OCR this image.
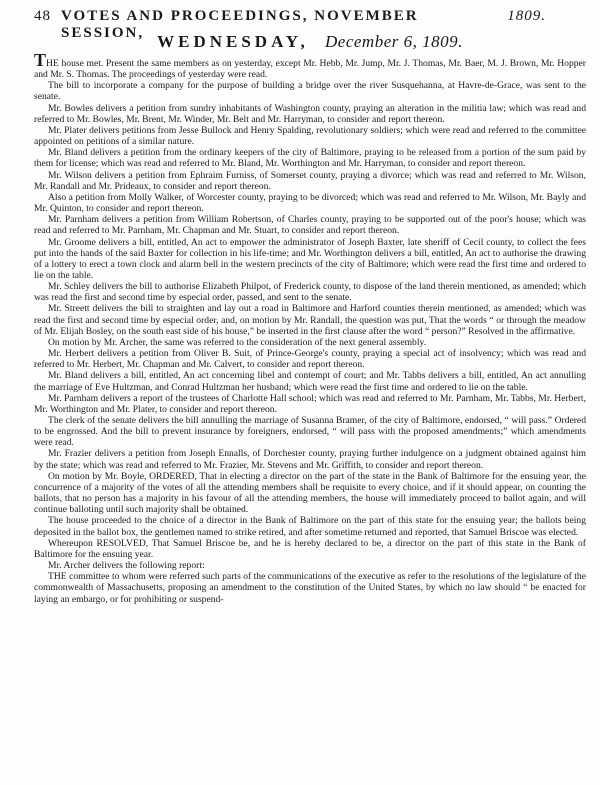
48 VOTES AND PROCEEDINGS, NOVEMBER SESSION,
1809.
WEDNESDAY, December 6, 1809.

THE house met. Present the same members as on yesterday, except Mr. Hebb, Mr. Jump, Mr. J. Thomas, Mr. Baer, M. J. Brown, Mr. Hopper and Mr. S. Thomas. The proceedings of yesterday were read.

The bill to incorporate a company for the purpose of building a bridge over the river Susquehanna, at Havre-de-Grace, was sent to the senate.

Mr. Bowles delivers a petition from sundry inhabitants of Washington county, praying an alteration in the militia law; which was read and referred to Mr. Bowles, Mr. Brent, Mr. Winder, Mr. Belt and Mr. Harryman, to consider and report thereon.

Mr. Plater delivers petitions from Jesse Bullock and Henry Spalding, revolutionary soldiers; which were read and referred to the committee appointed on petitions of a similar nature.

Mr. Bland delivers a petition from the ordinary keepers of the city of Baltimore, praying to be released from a portion of the sum paid by them for license; which was read and referred to Mr. Bland, Mr. Worthington and Mr. Harryman, to consider and report thereon.

Mr. Wilson delivers a petition from Ephraim Furniss, of Somerset county, praying a divorce; which was read and referred to Mr. Wilson, Mr. Randall and Mr. Prideaux, to consider and report thereon.

Also a petition from Molly Walker, of Worcester county, praying to be divorced; which was read and referred to Mr. Wilson, Mr. Bayly and Mr. Quinton, to consider and report thereon.

Mr. Parnham delivers a petition from William Robertson, of Charles county, praying to be supported out of the poor's house; which was read and referred to Mr. Parnham, Mr. Chapman and Mr. Stuart, to consider and report thereon.

Mr. Groome delivers a bill, entitled, An act to empower the administrator of Joseph Baxter, late sheriff of Cecil county, to collect the fees put into the hands of the said Baxter for collection in his life-time; and Mr. Worthington delivers a bill, entitled, An act to authorise the drawing of a lottery to erect a town clock and alarm bell in the western precincts of the city of Baltimore; which were read the first time and ordered to lie on the table.

Mr. Schley delivers the bill to authorise Elizabeth Philpot, of Frederick county, to dispose of the land therein mentioned, as amended; which was read the first and second time by especial order, passed, and sent to the senate.

Mr. Streett delivers the bill to straighten and lay out a road in Baltimore and Harford counties therein mentioned, as amended; which was read the first and second time by especial order, and, on motion by Mr. Randall, the question was put, That the words “ or through the meadow of Mr. Elijah Bosley, on the south east side of his house,” be inserted in the first clause after the word “ person?” Resolved in the affirmative.

On motion by Mr. Archer, the same was referred to the consideration of the next general assembly.

Mr. Herbert delivers a petition from Oliver B. Suit, of Prince-George's county, praying a special act of insolvency; which was read and referred to Mr. Herbert, Mr. Chapman and Mr. Calvert, to consider and report thereon.

Mr. Bland delivers a bill, entitled, An act concerning libel and contempt of court; and Mr. Tabbs delivers a bill, entitled, An act annulling the marriage of Eve Hultzman, and Conrad Hultzman her husband; which were read the first time and ordered to lie on the table.

Mr. Parnham delivers a report of the trustees of Charlotte Hall school; which was read and referred to Mr. Parnham, Mr. Tabbs, Mr. Herbert, Mr. Worthington and Mr. Plater, to consider and report thereon.

The clerk of the senate delivers the bill annulling the marriage of Susanna Bramer, of the city of Baltimore, endorsed, “ will pass.” Ordered to be engrossed. And the bill to prevent insurance by foreigners, endorsed, “ will pass with the proposed amendments;” which amendments were read.

Mr. Frazier delivers a petition from Joseph Ennalls, of Dorchester county, praying further indulgence on a judgment obtained against him by the state; which was read and referred to Mr. Frazier, Mr. Stevens and Mr. Griffith, to consider and report thereon.

On motion by Mr. Boyle, ORDERED, That in electing a director on the part of the state in the Bank of Baltimore for the ensuing year, the concurrence of a majority of the votes of all the attending members shall be requisite to every choice, and if it should appear, on counting the ballots, that no person has a majority in his favour of all the attending members, the house will immediately proceed to ballot again, and will continue balloting until such majority shall be obtained.

The house proceeded to the choice of a director in the Bank of Baltimore on the part of this state for the ensuing year; the ballots being deposited in the ballot box, the gentlemen named to strike retired, and after sometime returned and reported, that Samuel Briscoe was elected.

Whereupon RESOLVED, That Samuel Briscoe be, and he is hereby declared to be, a director on the part of this state in the Bank of Baltimore for the ensuing year.

Mr. Archer delivers the following report:

THE committee to whom were referred such parts of the communications of the executive as refer to the resolutions of the legislature of the commonwealth of Massachusetts, proposing an amendment to the constitution of the United States, by which no law should “ be enacted for laying an embargo, or for prohibiting or suspend-
